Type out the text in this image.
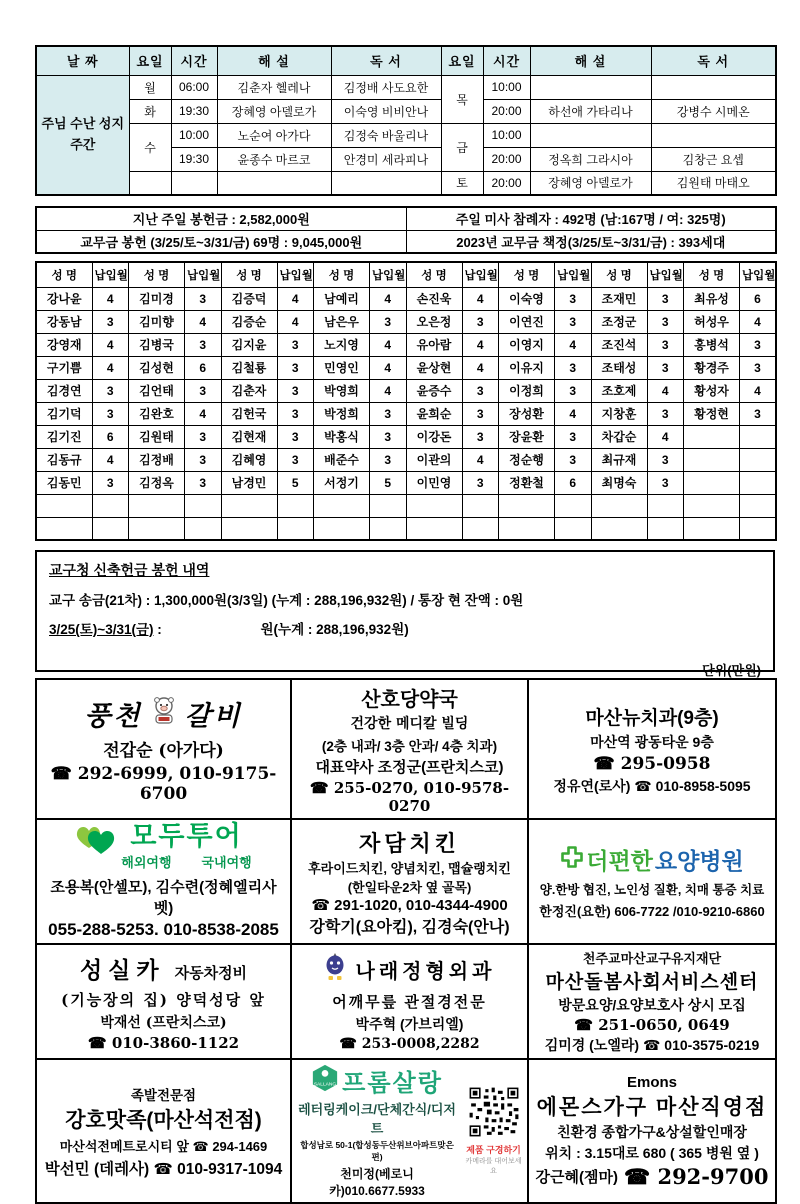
날 짜	요일	시간	해 설	독 서	요일	시간	해 설	독 서
주님 수난 성지 주간	월	06:00	김춘자 헬레나	김정배 사도요한	목	10:00		
	화	19:30	장혜영 아델로가	이숙영 비비안나		20:00	하선애 가타리나	강병수 시메온
	수	10:00	노순여 아가다	김정숙 바울리나	금	10:00		
		19:30	윤종수 마르코	안경미 세라피나		20:00	정옥희 그라시아	김창근 요셉
					토	20:00	장혜영 아델로가	김원태 마태오
지난 주일 봉헌금 : 2,582,000원	주일 미사 참례자 : 492명 (남:167명 / 여: 325명)
교무금 봉헌 (3/25/토~3/31/금) 69명 : 9,045,000원	2023년 교무금 책정(3/25/토~3/31/금) : 393세대
성 명	납입월	성 명	납입월	성 명	납입월	성 명	납입월	성 명	납입월	성 명	납입월	성 명	납입월	성 명	납입월
강나윤	4	김미경	3	김증덕	4	남예리	4	손진욱	4	이숙영	3	조재민	3	최유성	6
강동남	3	김미향	4	김증순	4	남은우	3	오은정	3	이연진	3	조정군	3	허성우	4
강영재	4	김병국	3	김지윤	3	노지영	4	유아람	4	이영지	4	조진석	3	홍병석	3
구기쁨	4	김성현	6	김철룡	3	민영인	4	윤상현	4	이유지	3	조태성	3	황경주	3
김경연	3	김언태	3	김춘자	3	박영희	4	윤증수	3	이정희	3	조호제	4	황성자	4
김기덕	3	김완호	4	김헌국	3	박정희	3	윤희순	3	장성환	4	지창훈	3	황정현	3
김기진	6	김원태	3	김현재	3	박홍식	3	이강돈	3	장윤환	3	차갑순	4		
김동규	4	김정배	3	김혜영	3	배준수	3	이관의	4	정순행	3	최규재	3		
김동민	3	김정옥	3	남경민	5	서정기	5	이민영	3	정환철	6	최명숙	3		

교구청 신축헌금 봉헌 내역
교구 송금(21차) : 1,300,000원(3/3일) (누계 : 288,196,932원) / 통장 현 잔액 : 0원
3/25(토)~3/31(금) :	원(누계 : 288,196,932원)
단위(만원)
풍천 갈비
전갑순 (아가다)
☎ 292-6999, 010-9175-6700

산호당약국
건강한 메디칼 빌딩
(2층 내과/ 3층 안과/ 4층 치과)
대표약사 조정군(프란치스코)
☎ 255-0270, 010-9578-0270

마산뉴치과(9층)
마산역 광동타운 9층
☎ 295-0958
정유연(로사) ☎ 010-8958-5095

모두투어
해외여행 국내여행
조용복(안셀모), 김수련(정혜엘리사벳)
055-288-5253. 010-8538-2085

자담치킨
후라이드치킨, 양념치킨, 맵슐랭치킨
(한일타운2차 옆 골목)
☎ 291-1020, 010-4344-4900
강학기(요아킴), 김경숙(안나)

더편한 요양병원
양.한방 협진, 노인성 질환, 치매 통증 치료
한정진(요한) 606-7722 /010-9210-6860

성실카 자동차정비
(기능장의 집) 양덕성당 앞
박재선 (프란치스코)
☎ 010-3860-1122

나래정형외과
어깨무릎 관절경전문
박주혁 (가브리엘)
☎ 253-0008,2282

천주교마산교구유지재단
마산돌봄사회서비스센터
방문요양/요양보호사 상시 모집
☎ 251-0650, 0649
김미경 (노엘라) ☎ 010-3575-0219

족발전문점
강호맛족(마산석전점)
마산석전메트로시티 앞 ☎ 294-1469
박선민 (데레사) ☎ 010-9317-1094

SALLANG 프롬살랑
레터링케이크/단체간식/디저트
합성남로 50-1(합성동두산위브아파트맞은편)
천미정(베로니카)010.6677.5933
제품 구경하기
카메라를 대어보세요

Emons
에몬스가구 마산직영점
친환경 종합가구&상설할인매장
위치 : 3.15대로 680 ( 365 병원 옆 )
강근혜(젬마) ☎ 292-9700
